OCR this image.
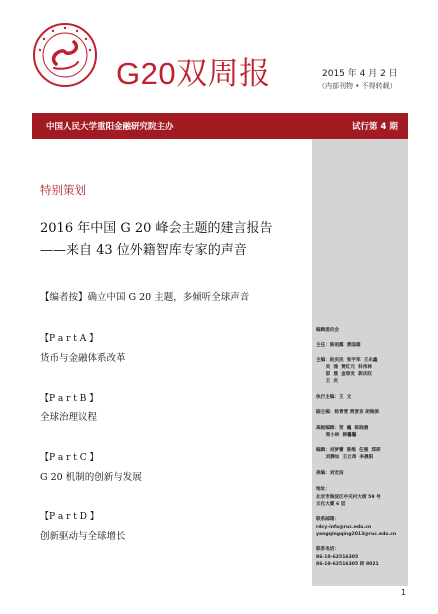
G20双周报	2015 年 4 月 2 日
（内部刊物 • 不得转载）
中国人民大学重阳金融研究院主办	试行第 4 期
编辑委员会
主任：陈雨露  黄国雄
主编：赵庆民  张宇军  王永鑫
吴  涌  贾红元  科伟林
邵  晟  金琼发  郭庆旺
王  庆
执行主编：王  文
副主编：杨青青 贾晋京 胡海滨
高级编辑：贺  巍  陈晓晨
周小林  韩馨馨
编辑：刘梦蕾  陈维  任强  郑研
刘静如  王立昂  李晨阳
美编：刘宏洁
地址：
北京市海淀区中关村大街 59 号
文化大厦 6 层
联系邮箱：
rdcy-info@ruc.edu.cn
yangqingqing2013@ruc.edu.cn
联系电话：
86-10-62516305
86-10-62516305 转 8021
特别策划
2016 年中国 G 20 峰会主题的建言报告
——来自 43 位外籍智库专家的声音
【编者按】确立中国 G 20 主题，多倾听全球声音
【P a r t A 】
货币与金融体系改革
【P a r t B 】
全球治理议程
【P a r t C 】
G 20 机制的创新与发展
【P a r t D 】
创新驱动与全球增长
1
